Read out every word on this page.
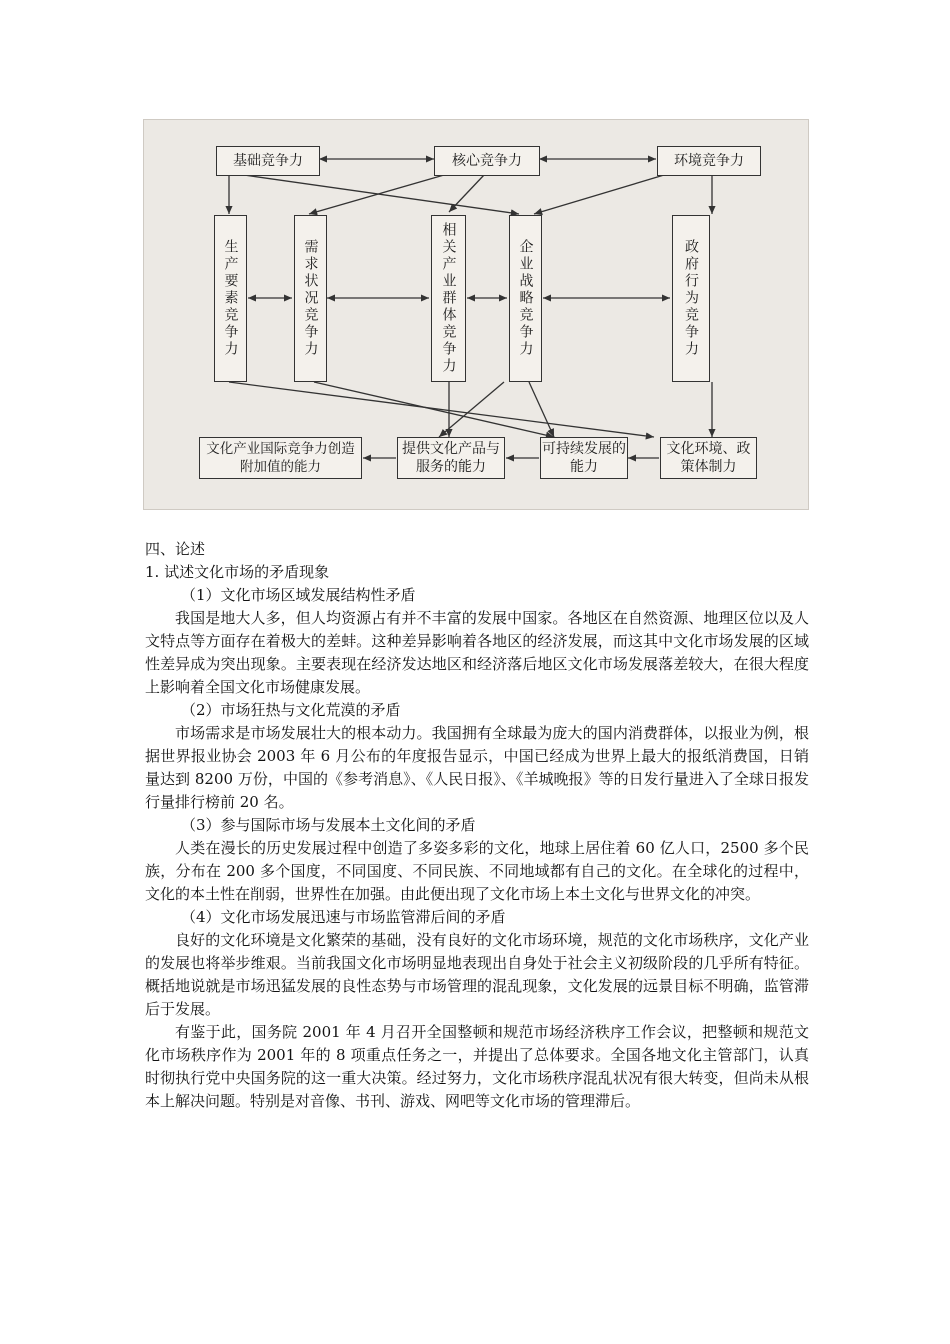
基础竞争力	核心竞争力	环境竞争力
生产要素竞争力	需求状况竞争力	相关产业群体竞争力	企业战略竞争力	政府行为竞争力
文化产业国际竞争力创造附加值的能力
提供文化产品与服务的能力
可持续发展的能力
文化环境、政策体制力

四、论述

1. 试述文化市场的矛盾现象

（1）文化市场区域发展结构性矛盾

我国是地大人多，但人均资源占有并不丰富的发展中国家。各地区在自然资源、地理区位以及人文特点等方面存在着极大的差蚌。这种差异影响着各地区的经济发展，而这其中文化市场发展的区域性差异成为突出现象。主要表现在经济发达地区和经济落后地区文化市场发展落差较大，在很大程度上影响着全国文化市场健康发展。

（2）市场狂热与文化荒漠的矛盾

市场需求是市场发展壮大的根本动力。我国拥有全球最为庞大的国内消费群体，以报业为例，根据世界报业协会 2003 年 6 月公布的年度报告显示，中国已经成为世界上最大的报纸消费国，日销量达到 8200 万份，中国的《参考消息》、《人民日报》、《羊城晚报》等的日发行量进入了全球日报发行量排行榜前 20 名。

（3）参与国际市场与发展本土文化间的矛盾

人类在漫长的历史发展过程中创造了多姿多彩的文化，地球上居住着 60 亿人口，2500 多个民族，分布在 200 多个国度，不同国度、不同民族、不同地域都有自己的文化。在全球化的过程中，文化的本土性在削弱，世界性在加强。由此便出现了文化市场上本土文化与世界文化的冲突。

（4）文化市场发展迅速与市场监管滞后间的矛盾

良好的文化环境是文化繁荣的基础，没有良好的文化市场环境，规范的文化市场秩序，文化产业的发展也将举步维艰。当前我国文化市场明显地表现出自身处于社会主义初级阶段的几乎所有特征。概括地说就是市场迅猛发展的良性态势与市场管理的混乱现象，文化发展的远景目标不明确，监管滞后于发展。

有鉴于此，国务院 2001 年 4 月召开全国整顿和规范市场经济秩序工作会议，把整顿和规范文化市场秩序作为 2001 年的 8 项重点任务之一，并提出了总体要求。全国各地文化主管部门，认真时彻执行党中央国务院的这一重大决策。经过努力，文化市场秩序混乱状况有很大转变，但尚未从根本上解决问题。特别是对音像、书刊、游戏、网吧等文化市场的管理滞后。
